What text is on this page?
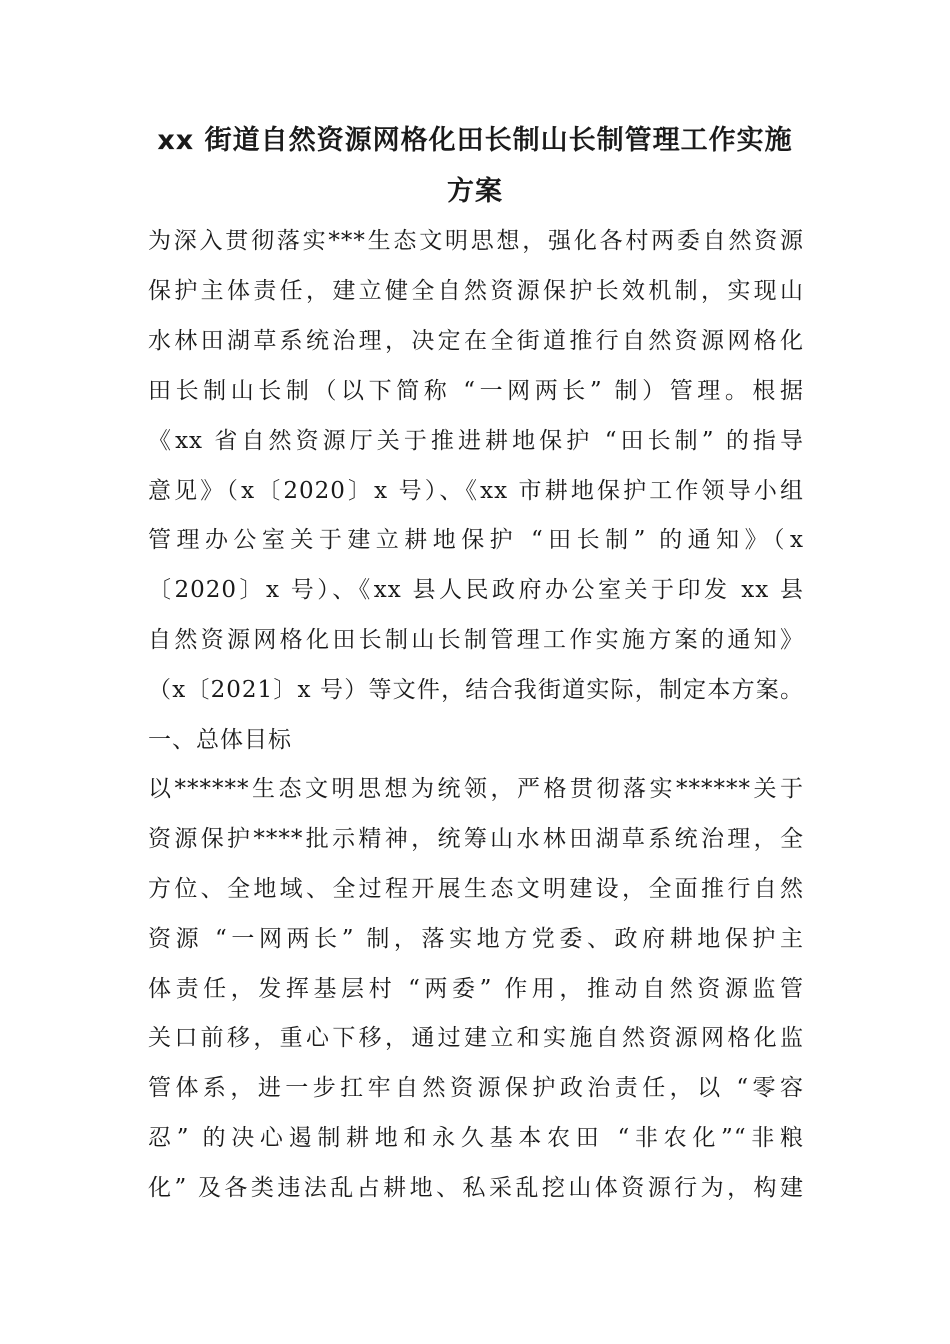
xx 街道自然资源网格化田长制山长制管理工作实施
方案
为深入贯彻落实***生态文明思想，强化各村两委自然资源
保护主体责任，建立健全自然资源保护长效机制，实现山
水林田湖草系统治理，决定在全街道推行自然资源网格化
田长制山长制（以下简称 “一网两长” 制）管理。根据
《xx 省自然资源厅关于推进耕地保护 “田长制” 的指导
意见》（x〔2020〕x 号）、《xx 市耕地保护工作领导小组
管理办公室关于建立耕地保护 “田长制” 的通知》（x
〔2020〕x 号）、《xx 县人民政府办公室关于印发 xx 县
自然资源网格化田长制山长制管理工作实施方案的通知》
（x〔2021〕x 号）等文件，结合我街道实际，制定本方案。
一、总体目标
以******生态文明思想为统领，严格贯彻落实******关于
资源保护****批示精神，统筹山水林田湖草系统治理，全
方位、全地域、全过程开展生态文明建设，全面推行自然
资源 “一网两长” 制，落实地方党委、政府耕地保护主
体责任，发挥基层村 “两委” 作用，推动自然资源监管
关口前移，重心下移，通过建立和实施自然资源网格化监
管体系，进一步扛牢自然资源保护政治责任，以 “零容
忍” 的决心遏制耕地和永久基本农田 “非农化”“非粮
化” 及各类违法乱占耕地、私采乱挖山体资源行为，构建
